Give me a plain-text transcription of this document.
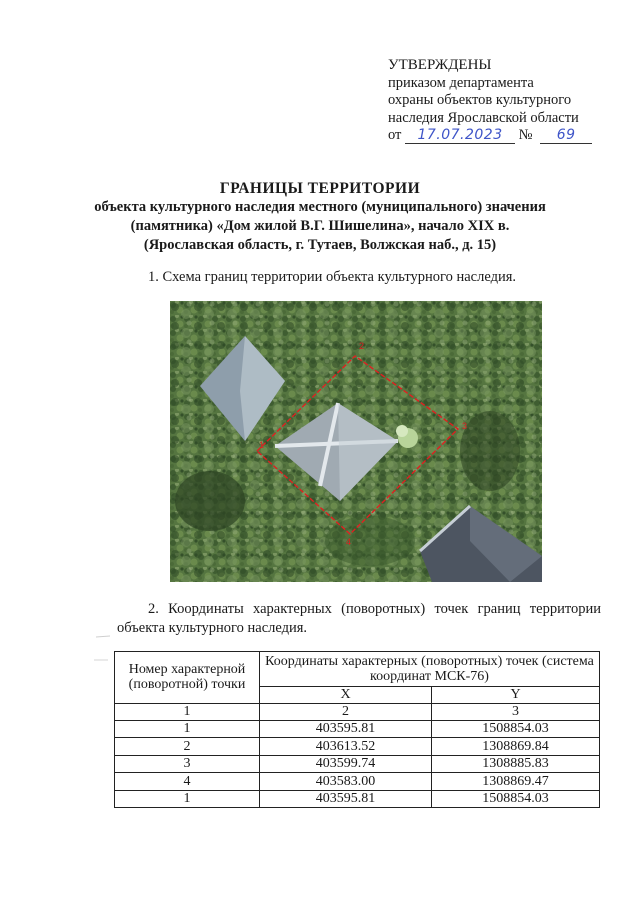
УТВЕРЖДЕНЫ
приказом департамента
охраны объектов культурного
наследия Ярославской области
от 17.07.2023 № 69
ГРАНИЦЫ ТЕРРИТОРИИ
объекта культурного наследия местного (муниципального) значения
(памятника) «Дом жилой В.Г. Шишелина», начало XIX в.
(Ярославская область, г. Тутаев, Волжская наб., д. 15)
1. Схема границ территории объекта культурного наследия.
1
2
3
4
2. Координаты характерных (поворотных) точек границ территории объекта культурного наследия.
Номер характерной (поворотной) точки	Координаты характерных (поворотных) точек (система координат МСК-76)	
	X	Y
1	2	3
1	403595.81	1508854.03
2	403613.52	1308869.84
3	403599.74	1308885.83
4	403583.00	1308869.47
1	403595.81	1508854.03
